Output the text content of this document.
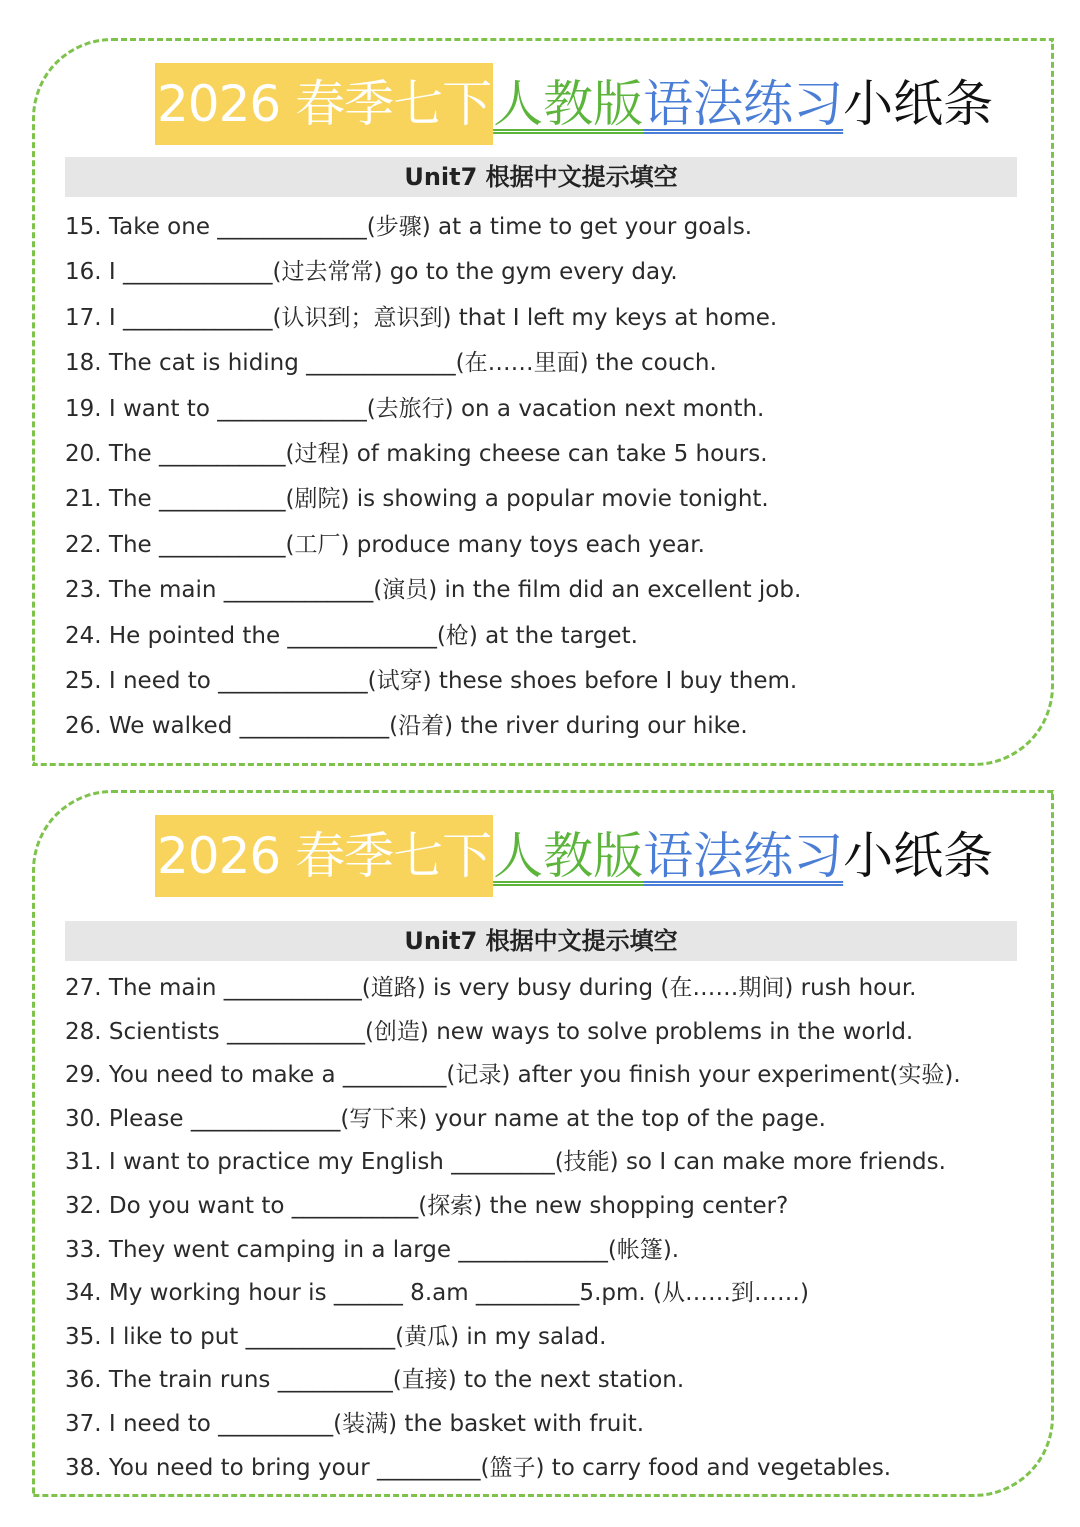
2026 春季七下 人教版 语法练习 小纸条
Unit7 根据中文提示填空
15. Take one _____________(步骤) at a time to get your goals.
16. I _____________(过去常常) go to the gym every day.
17. I _____________(认识到；意识到) that I left my keys at home.
18. The cat is hiding _____________(在……里面) the couch.
19. I want to _____________(去旅行) on a vacation next month.
20. The ___________(过程) of making cheese can take 5 hours.
21. The ___________(剧院) is showing a popular movie tonight.
22. The ___________(工厂) produce many toys each year.
23. The main _____________(演员) in the film did an excellent job.
24. He pointed the _____________(枪) at the target.
25. I need to _____________(试穿) these shoes before I buy them.
26. We walked _____________(沿着) the river during our hike.
2026 春季七下 人教版 语法练习 小纸条
Unit7 根据中文提示填空
27. The main ____________(道路) is very busy during (在……期间) rush hour.
28. Scientists ____________(创造) new ways to solve problems in the world.
29. You need to make a _________(记录) after you finish your experiment(实验).
30. Please _____________(写下来) your name at the top of the page.
31. I want to practice my English _________(技能) so I can make more friends.
32. Do you want to ___________(探索) the new shopping center?
33. They went camping in a large _____________(帐篷).
34. My working hour is ______ 8.am _________5.pm. (从……到……)
35. I like to put _____________(黄瓜) in my salad.
36. The train runs __________(直接) to the next station.
37. I need to __________(装满) the basket with fruit.
38. You need to bring your _________(篮子) to carry food and vegetables.
